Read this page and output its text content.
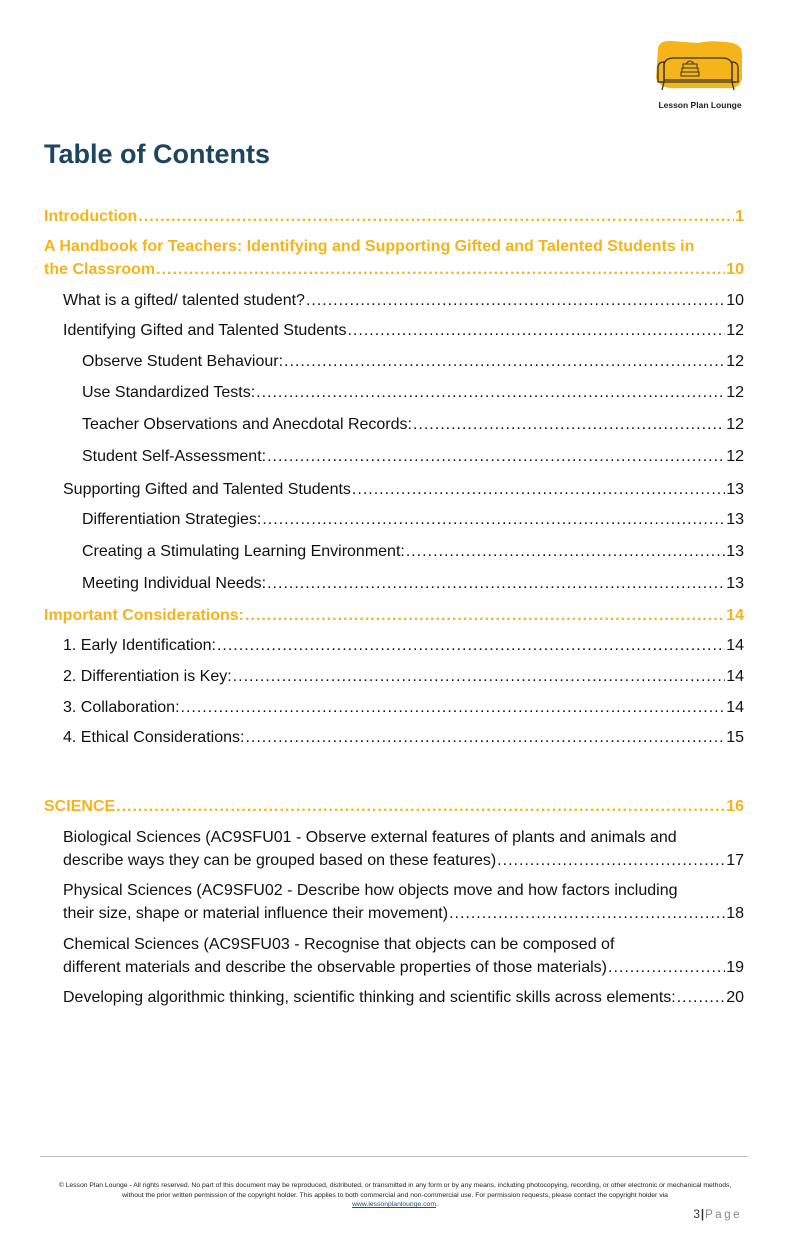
Lesson Plan Lounge
Table of Contents
Introduction .....	1
A Handbook for Teachers: Identifying and Supporting Gifted and Talented Students in
the Classroom .....	10
What is a gifted/ talented student? .....	10
Identifying Gifted and Talented Students .....	12
Observe Student Behaviour: .....	12
Use Standardized Tests: .....	12
Teacher Observations and Anecdotal Records: .....	12
Student Self-Assessment: .....	12
Supporting Gifted and Talented Students .....	13
Differentiation Strategies: .....	13
Creating a Stimulating Learning Environment: .....	13
Meeting Individual Needs: .....	13
Important Considerations: .....	14
1. Early Identification: .....	14
2. Differentiation is Key: .....	14
3. Collaboration: .....	14
4. Ethical Considerations: .....	15
SCIENCE .....	16
Biological Sciences (AC9SFU01 - Observe external features of plants and animals and
describe ways they can be grouped based on these features) .....	17
Physical Sciences (AC9SFU02 - Describe how objects move and how factors including
their size, shape or material influence their movement) .....	18
Chemical Sciences (AC9SFU03 - Recognise that objects can be composed of
different materials and describe the observable properties of those materials) .....	19
Developing algorithmic thinking, scientific thinking and scientific skills across elements: .....	20
© Lesson Plan Lounge - All rights reserved. No part of this document may be reproduced, distributed, or transmitted in any form or by any means, including photocopying, recording, or other electronic or mechanical methods, without the prior written permission of the copyright holder. This applies to both commercial and non-commercial use. For permission requests, please contact the copyright holder via
www.lessonplanlounge.com.
3|Page
